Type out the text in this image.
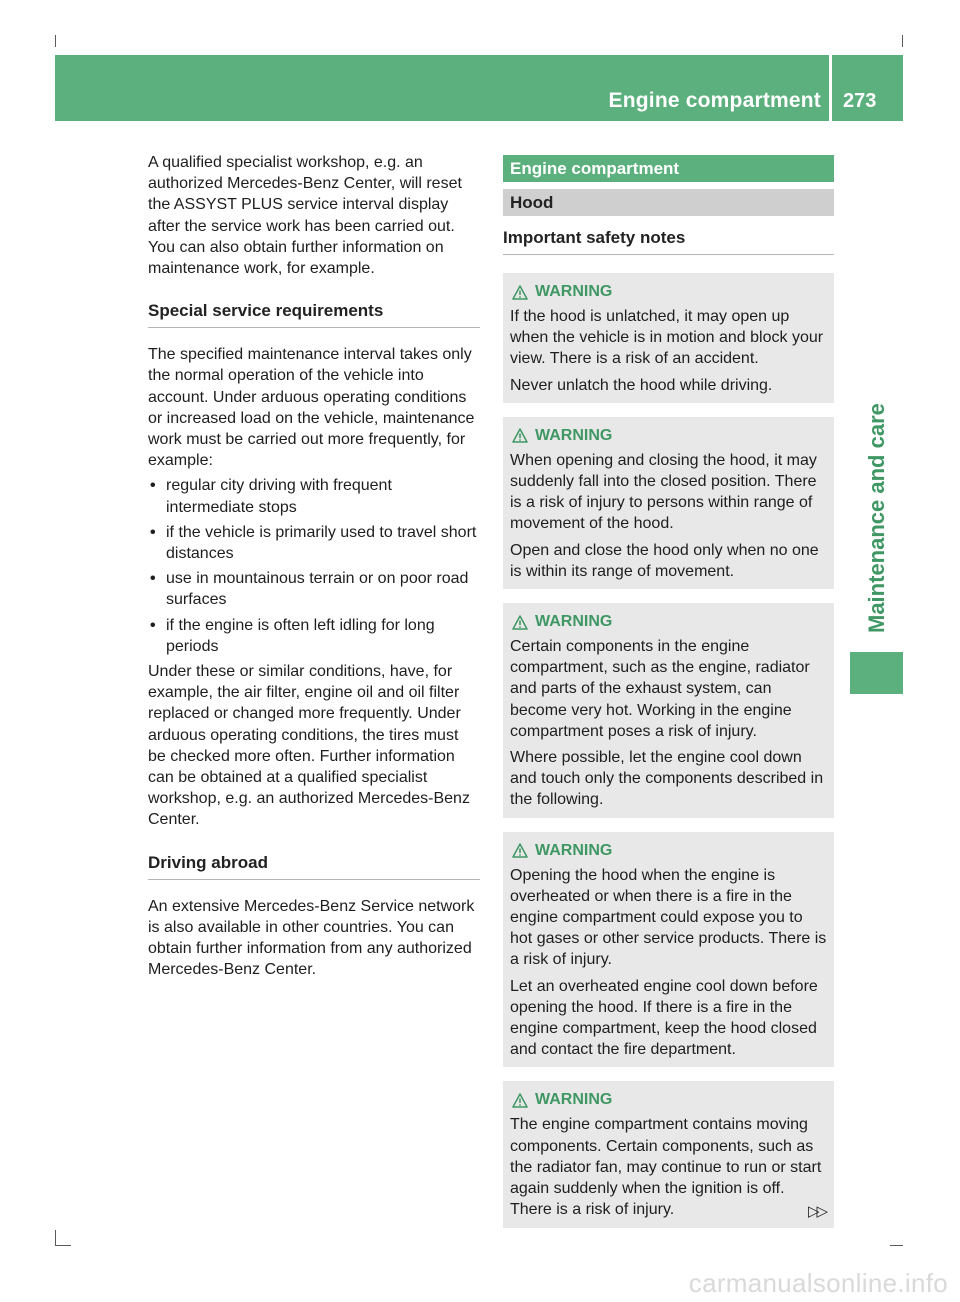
Engine compartment 273
Maintenance and care

A qualified specialist workshop, e.g. an authorized Mercedes-Benz Center, will reset the ASSYST PLUS service interval display after the service work has been carried out. You can also obtain further information on maintenance work, for example.

Special service requirements

The specified maintenance interval takes only the normal operation of the vehicle into account. Under arduous operating conditions or increased load on the vehicle, maintenance work must be carried out more frequently, for example:

• regular city driving with frequent intermediate stops
• if the vehicle is primarily used to travel short distances
• use in mountainous terrain or on poor road surfaces
• if the engine is often left idling for long periods

Under these or similar conditions, have, for example, the air filter, engine oil and oil filter replaced or changed more frequently. Under arduous operating conditions, the tires must be checked more often. Further information can be obtained at a qualified specialist workshop, e.g. an authorized Mercedes-Benz Center.

Driving abroad

An extensive Mercedes-Benz Service network is also available in other countries. You can obtain further information from any authorized Mercedes-Benz Center.

Engine compartment
Hood
Important safety notes
WARNING

If the hood is unlatched, it may open up when the vehicle is in motion and block your view. There is a risk of an accident.

Never unlatch the hood while driving.

WARNING

When opening and closing the hood, it may suddenly fall into the closed position. There is a risk of injury to persons within range of movement of the hood.

Open and close the hood only when no one is within its range of movement.

WARNING

Certain components in the engine compartment, such as the engine, radiator and parts of the exhaust system, can become very hot. Working in the engine compartment poses a risk of injury.

Where possible, let the engine cool down and touch only the components described in the following.

WARNING

Opening the hood when the engine is overheated or when there is a fire in the engine compartment could expose you to hot gases or other service products. There is a risk of injury.

Let an overheated engine cool down before opening the hood. If there is a fire in the engine compartment, keep the hood closed and contact the fire department.

WARNING

The engine compartment contains moving components. Certain components, such as the radiator fan, may continue to run or start again suddenly when the ignition is off. There is a risk of injury.	▷▷
carmanualsonline.info
